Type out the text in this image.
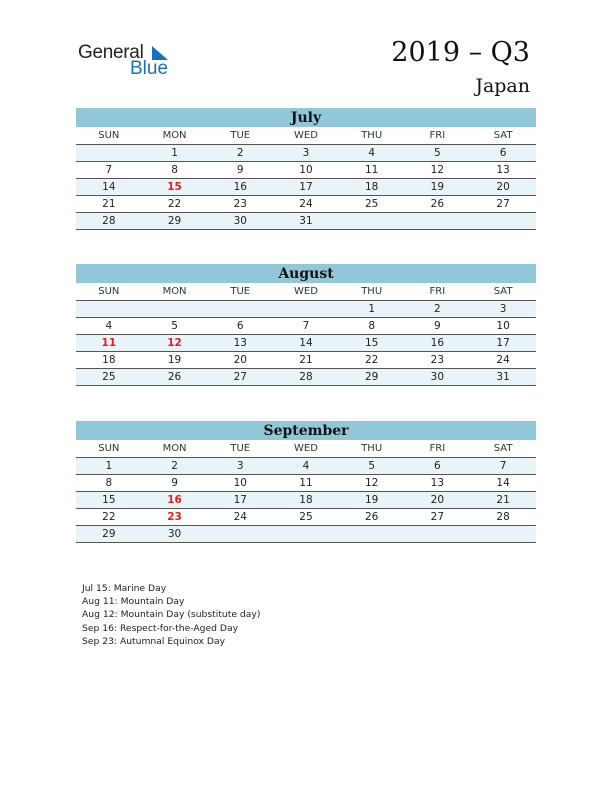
General
Blue
2019 – Q3
Japan
July
SUN	MON	TUE	WED	THU	FRI	SAT
	1	2	3	4	5	6
7	8	9	10	11	12	13
14	15	16	17	18	19	20
21	22	23	24	25	26	27
28	29	30	31			
August
SUN	MON	TUE	WED	THU	FRI	SAT
				1	2	3
4	5	6	7	8	9	10
11	12	13	14	15	16	17
18	19	20	21	22	23	24
25	26	27	28	29	30	31
September
SUN	MON	TUE	WED	THU	FRI	SAT
1	2	3	4	5	6	7
8	9	10	11	12	13	14
15	16	17	18	19	20	21
22	23	24	25	26	27	28
29	30					
Jul 15: Marine Day
Aug 11: Mountain Day
Aug 12: Mountain Day (substitute day)
Sep 16: Respect-for-the-Aged Day
Sep 23: Autumnal Equinox Day
